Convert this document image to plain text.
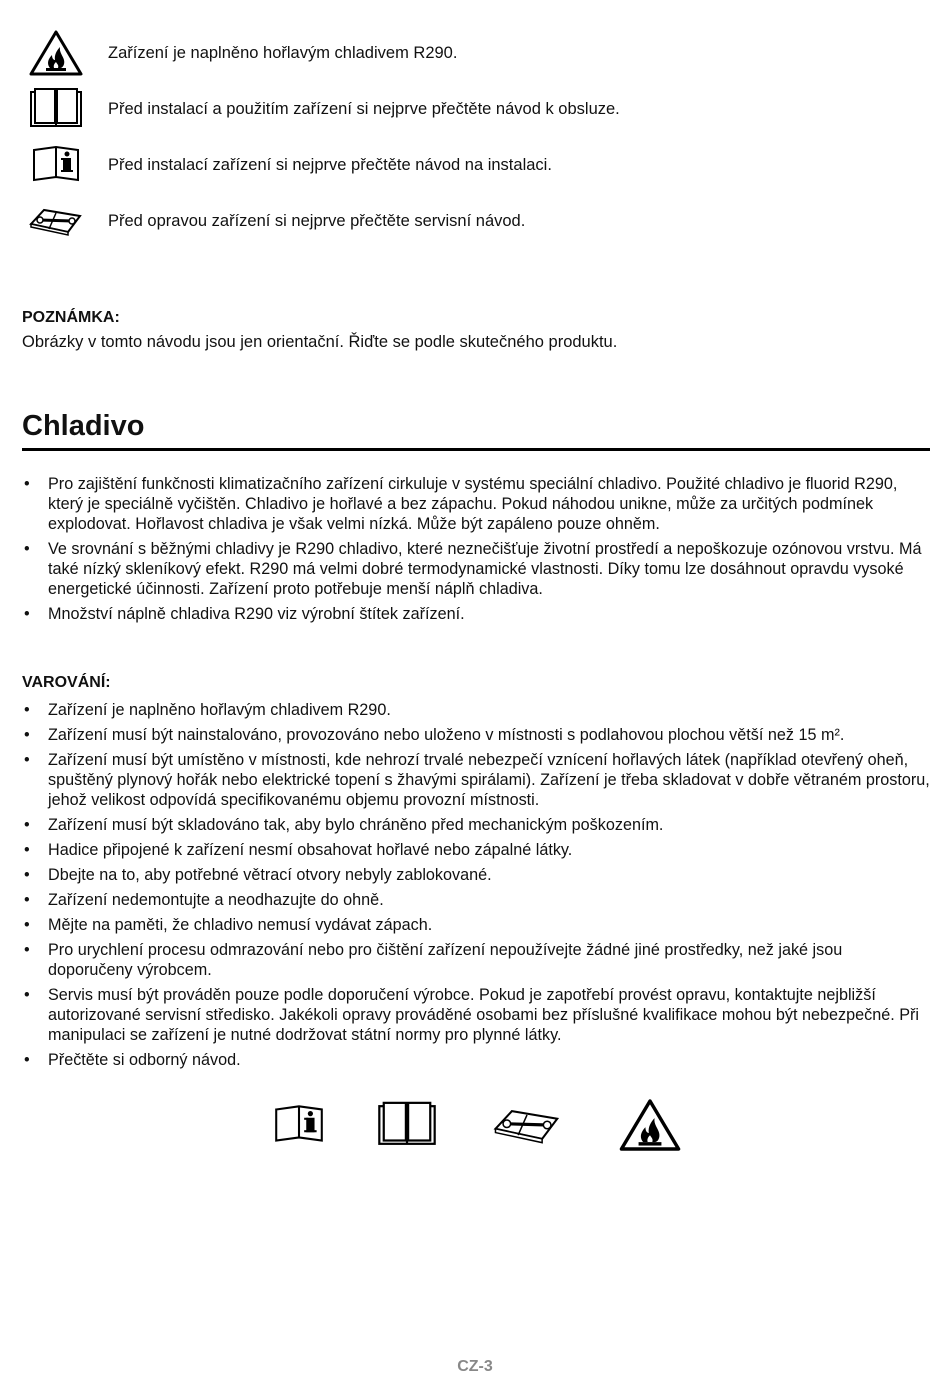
Zařízení je naplněno hořlavým chladivem R290.
Před instalací a použitím zařízení si nejprve přečtěte návod k obsluze.
Před instalací zařízení si nejprve přečtěte návod na instalaci.
Před opravou zařízení si nejprve přečtěte servisní návod.
POZNÁMKA:
Obrázky v tomto návodu jsou jen orientační. Řiďte se podle skutečného produktu.
Chladivo
• Pro zajištění funkčnosti klimatizačního zařízení cirkuluje v systému speciální chladivo. Použité chladivo je fluorid R290, který je speciálně vyčištěn. Chladivo je hořlavé a bez zápachu. Pokud náhodou unikne, může za určitých podmínek explodovat. Hořlavost chladiva je však velmi nízká. Může být zapáleno pouze ohněm.
• Ve srovnání s běžnými chladivy je R290 chladivo, které neznečišťuje životní prostředí a nepoškozuje ozónovou vrstvu. Má také nízký skleníkový efekt. R290 má velmi dobré termodynamické vlastnosti. Díky tomu lze dosáhnout opravdu vysoké energetické účinnosti. Zařízení proto potřebuje menší náplň chladiva.
• Množství náplně chladiva R290 viz výrobní štítek zařízení.
VAROVÁNÍ:
• Zařízení je naplněno hořlavým chladivem R290.
• Zařízení musí být nainstalováno, provozováno nebo uloženo v místnosti s podlahovou plochou větší než 15 m².
• Zařízení musí být umístěno v místnosti, kde nehrozí trvalé nebezpečí vznícení hořlavých látek (například otevřený oheň, spuštěný plynový hořák nebo elektrické topení s žhavými spirálami). Zařízení je třeba skladovat v dobře větraném prostoru, jehož velikost odpovídá specifikovanému objemu provozní místnosti.
• Zařízení musí být skladováno tak, aby bylo chráněno před mechanickým poškozením.
• Hadice připojené k zařízení nesmí obsahovat hořlavé nebo zápalné látky.
• Dbejte na to, aby potřebné větrací otvory nebyly zablokované.
• Zařízení nedemontujte a neodhazujte do ohně.
• Mějte na paměti, že chladivo nemusí vydávat zápach.
• Pro urychlení procesu odmrazování nebo pro čištění zařízení nepoužívejte žádné jiné prostředky, než jaké jsou doporučeny výrobcem.
• Servis musí být prováděn pouze podle doporučení výrobce. Pokud je zapotřebí provést opravu, kontaktujte nejbližší autorizované servisní středisko. Jakékoli opravy prováděné osobami bez příslušné kvalifikace mohou být nebezpečné. Při manipulaci se zařízení je nutné dodržovat státní normy pro plynné látky.
• Přečtěte si odborný návod.
CZ-3
